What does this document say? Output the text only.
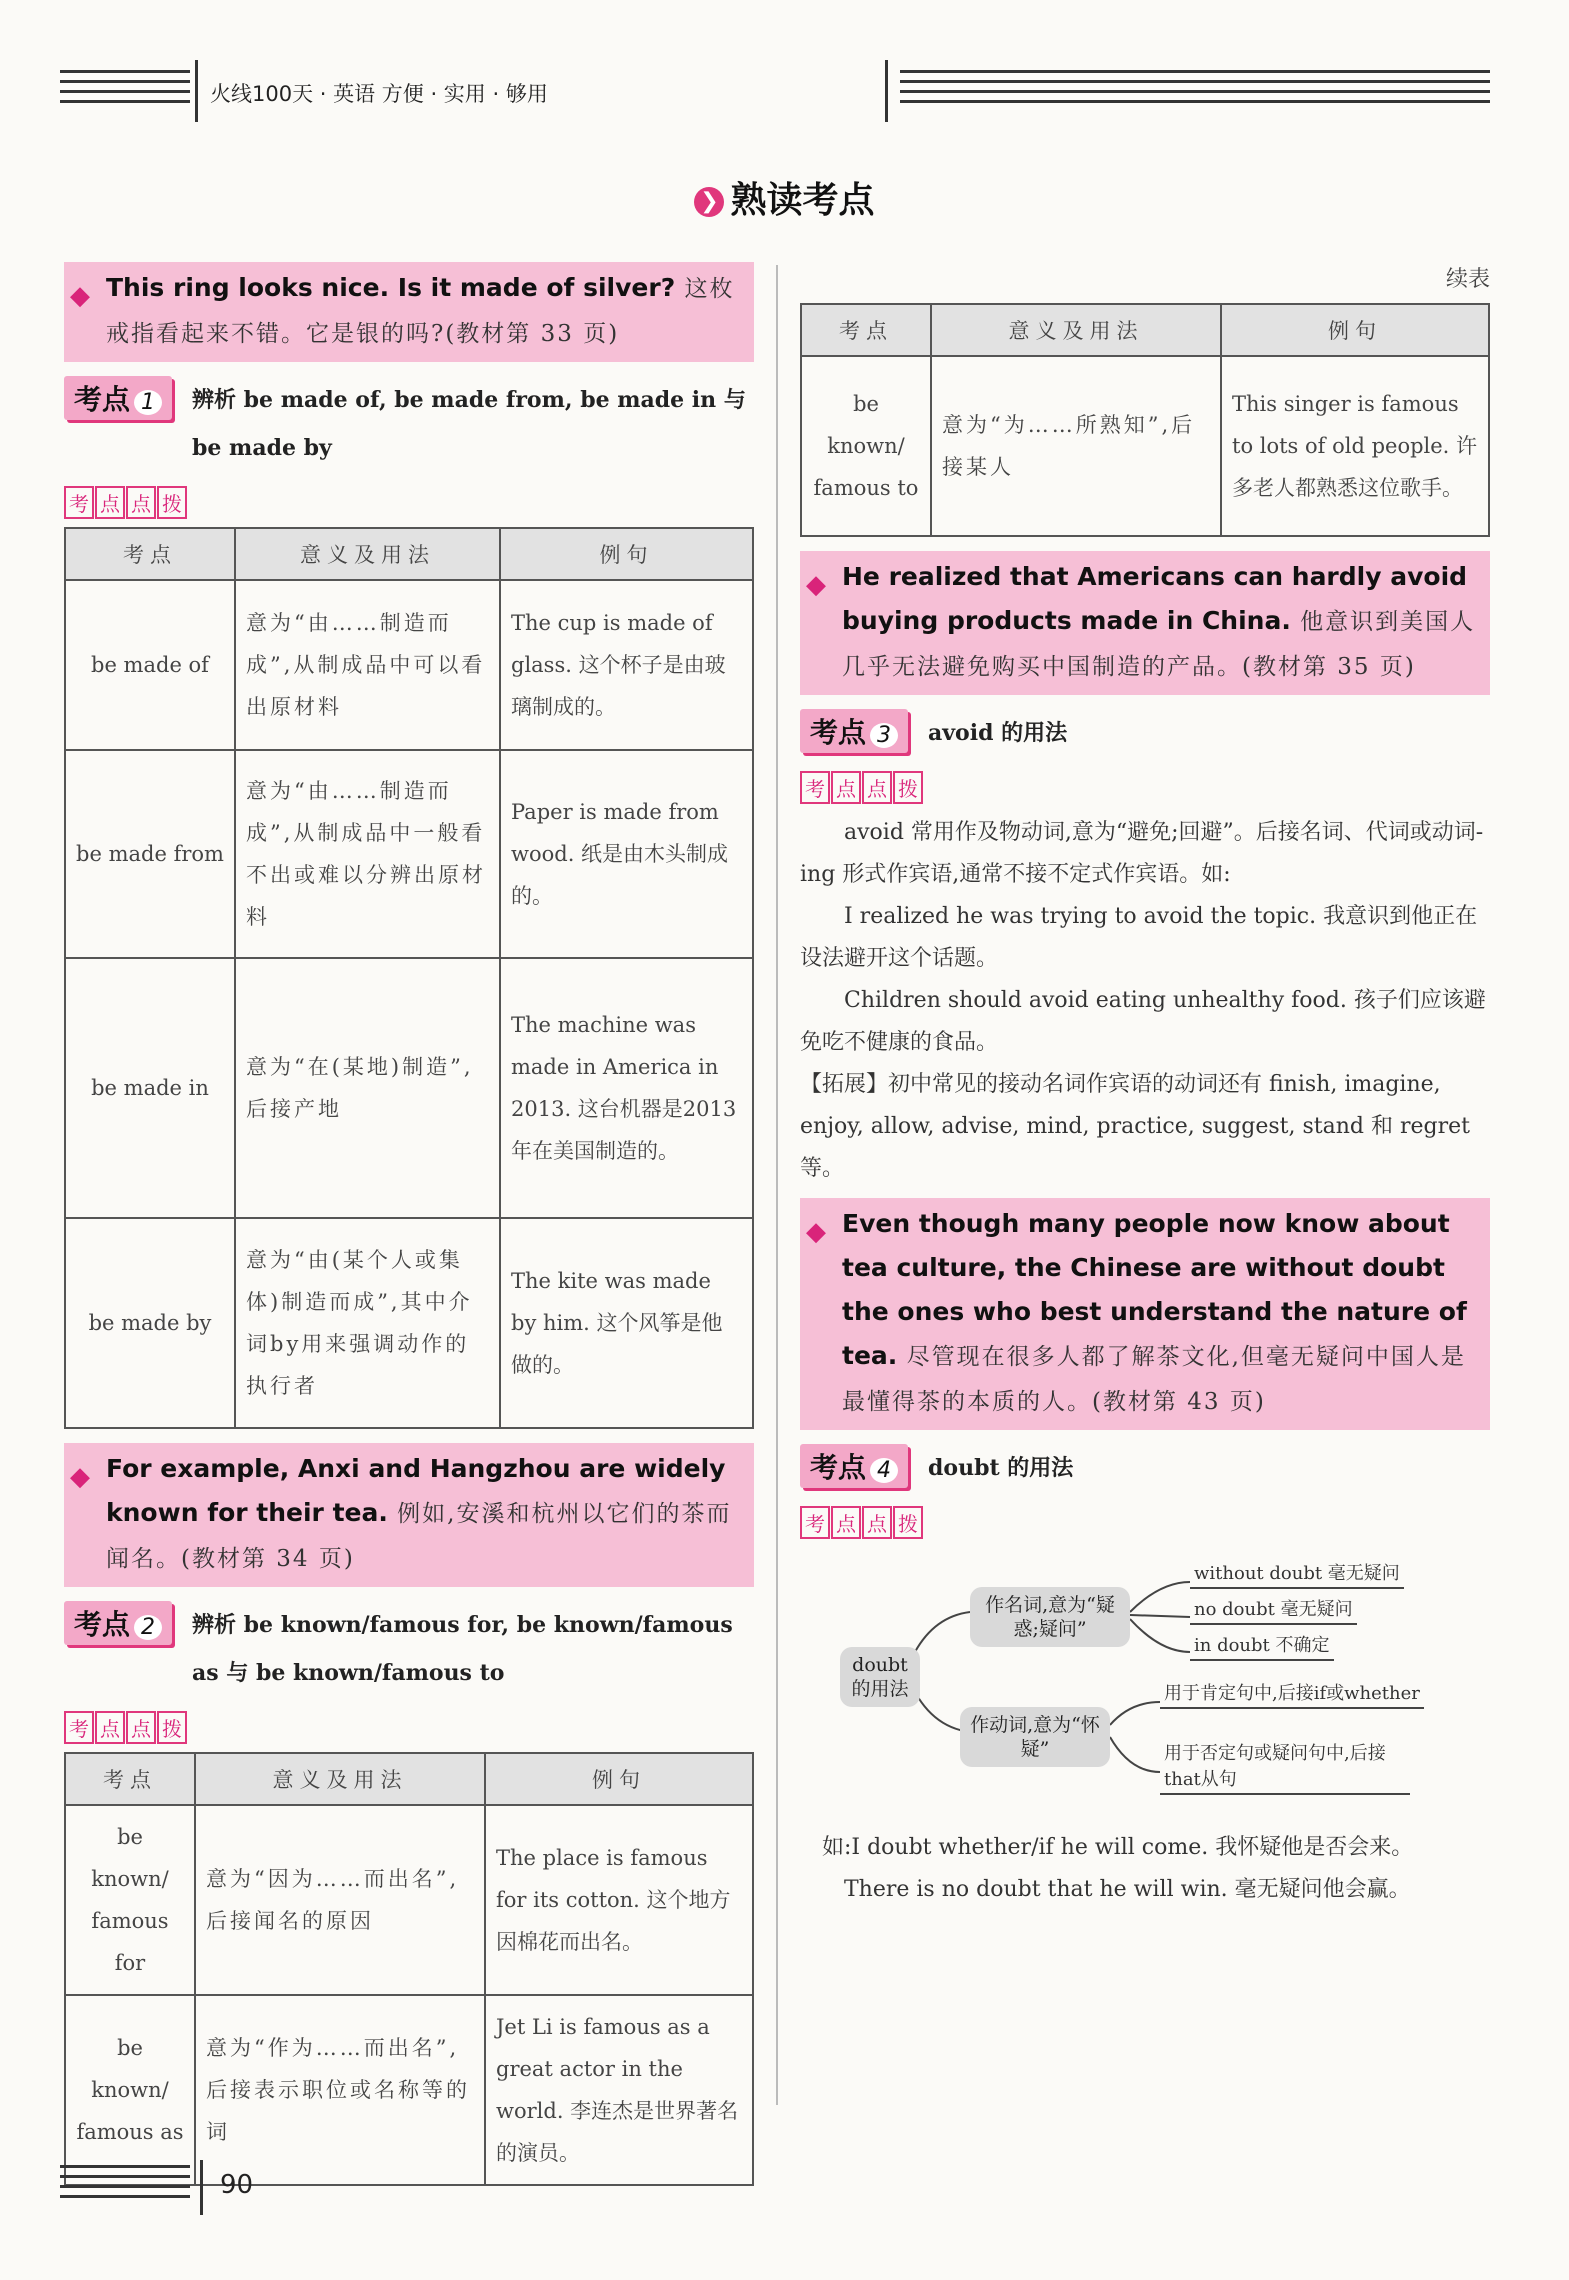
火线100天 · 英语 方便 · 实用 · 够用
❯ 熟读考点
◆ This ring looks nice. Is it made of silver? 这枚戒指看起来不错。它是银的吗?(教材第 33 页)
考点 1	辨析 be made of, be made from, be made in 与 be made by
考 点 点 拨
考点	意义及用法	例句
be made of	意为“由……制造而成”,从制成品中可以看出原材料	The cup is made of glass. 这个杯子是由玻璃制成的。
be made from	意为“由……制造而成”,从制成品中一般看不出或难以分辨出原材料	Paper is made from wood. 纸是由木头制成的。
be made in	意为“在(某地)制造”,后接产地	The machine was made in America in 2013. 这台机器是2013年在美国制造的。
be made by	意为“由(某个人或集体)制造而成”,其中介词by用来强调动作的执行者	The kite was made by him. 这个风筝是他做的。
◆ For example, Anxi and Hangzhou are widely known for their tea. 例如,安溪和杭州以它们的茶而闻名。(教材第 34 页)
考点 2	辨析 be known/famous for, be known/famous as 与 be known/famous to
考 点 点 拨
考点	意义及用法	例句
be known/ famous for	意为“因为……而出名”,后接闻名的原因	The place is famous for its cotton. 这个地方因棉花而出名。
be known/ famous as	意为“作为……而出名”,后接表示职位或名称等的词	Jet Li is famous as a great actor in the world. 李连杰是世界著名的演员。
续表
考点	意义及用法	例句
be known/ famous to	意为“为……所熟知”,后接某人	This singer is famous to lots of old people. 许多老人都熟悉这位歌手。
◆ He realized that Americans can hardly avoid buying products made in China. 他意识到美国人几乎无法避免购买中国制造的产品。(教材第 35 页)
考点 3	avoid 的用法
考 点 点 拨

avoid 常用作及物动词,意为“避免;回避”。后接名词、代词或动词-ing 形式作宾语,通常不接不定式作宾语。如:

I realized he was trying to avoid the topic. 我意识到他正在设法避开这个话题。

Children should avoid eating unhealthy food. 孩子们应该避免吃不健康的食品。

【拓展】初中常见的接动名词作宾语的动词还有 finish, imagine, enjoy, allow, advise, mind, practice, suggest, stand 和 regret 等。

◆ Even though many people now know about tea culture, the Chinese are without doubt the ones who best understand the nature of tea. 尽管现在很多人都了解茶文化,但毫无疑问中国人是最懂得茶的本质的人。(教材第 43 页)
考点 4	doubt 的用法
考 点 点 拨
doubt 的用法
作名词,意为“疑惑;疑问”
作动词,意为“怀疑”
without doubt 毫无疑问
no doubt 毫无疑问
in doubt 不确定
用于肯定句中,后接if或whether
用于否定句或疑问句中,后接that从句

如:I doubt whether/if he will come. 我怀疑他是否会来。

There is no doubt that he will win. 毫无疑问他会赢。

90
